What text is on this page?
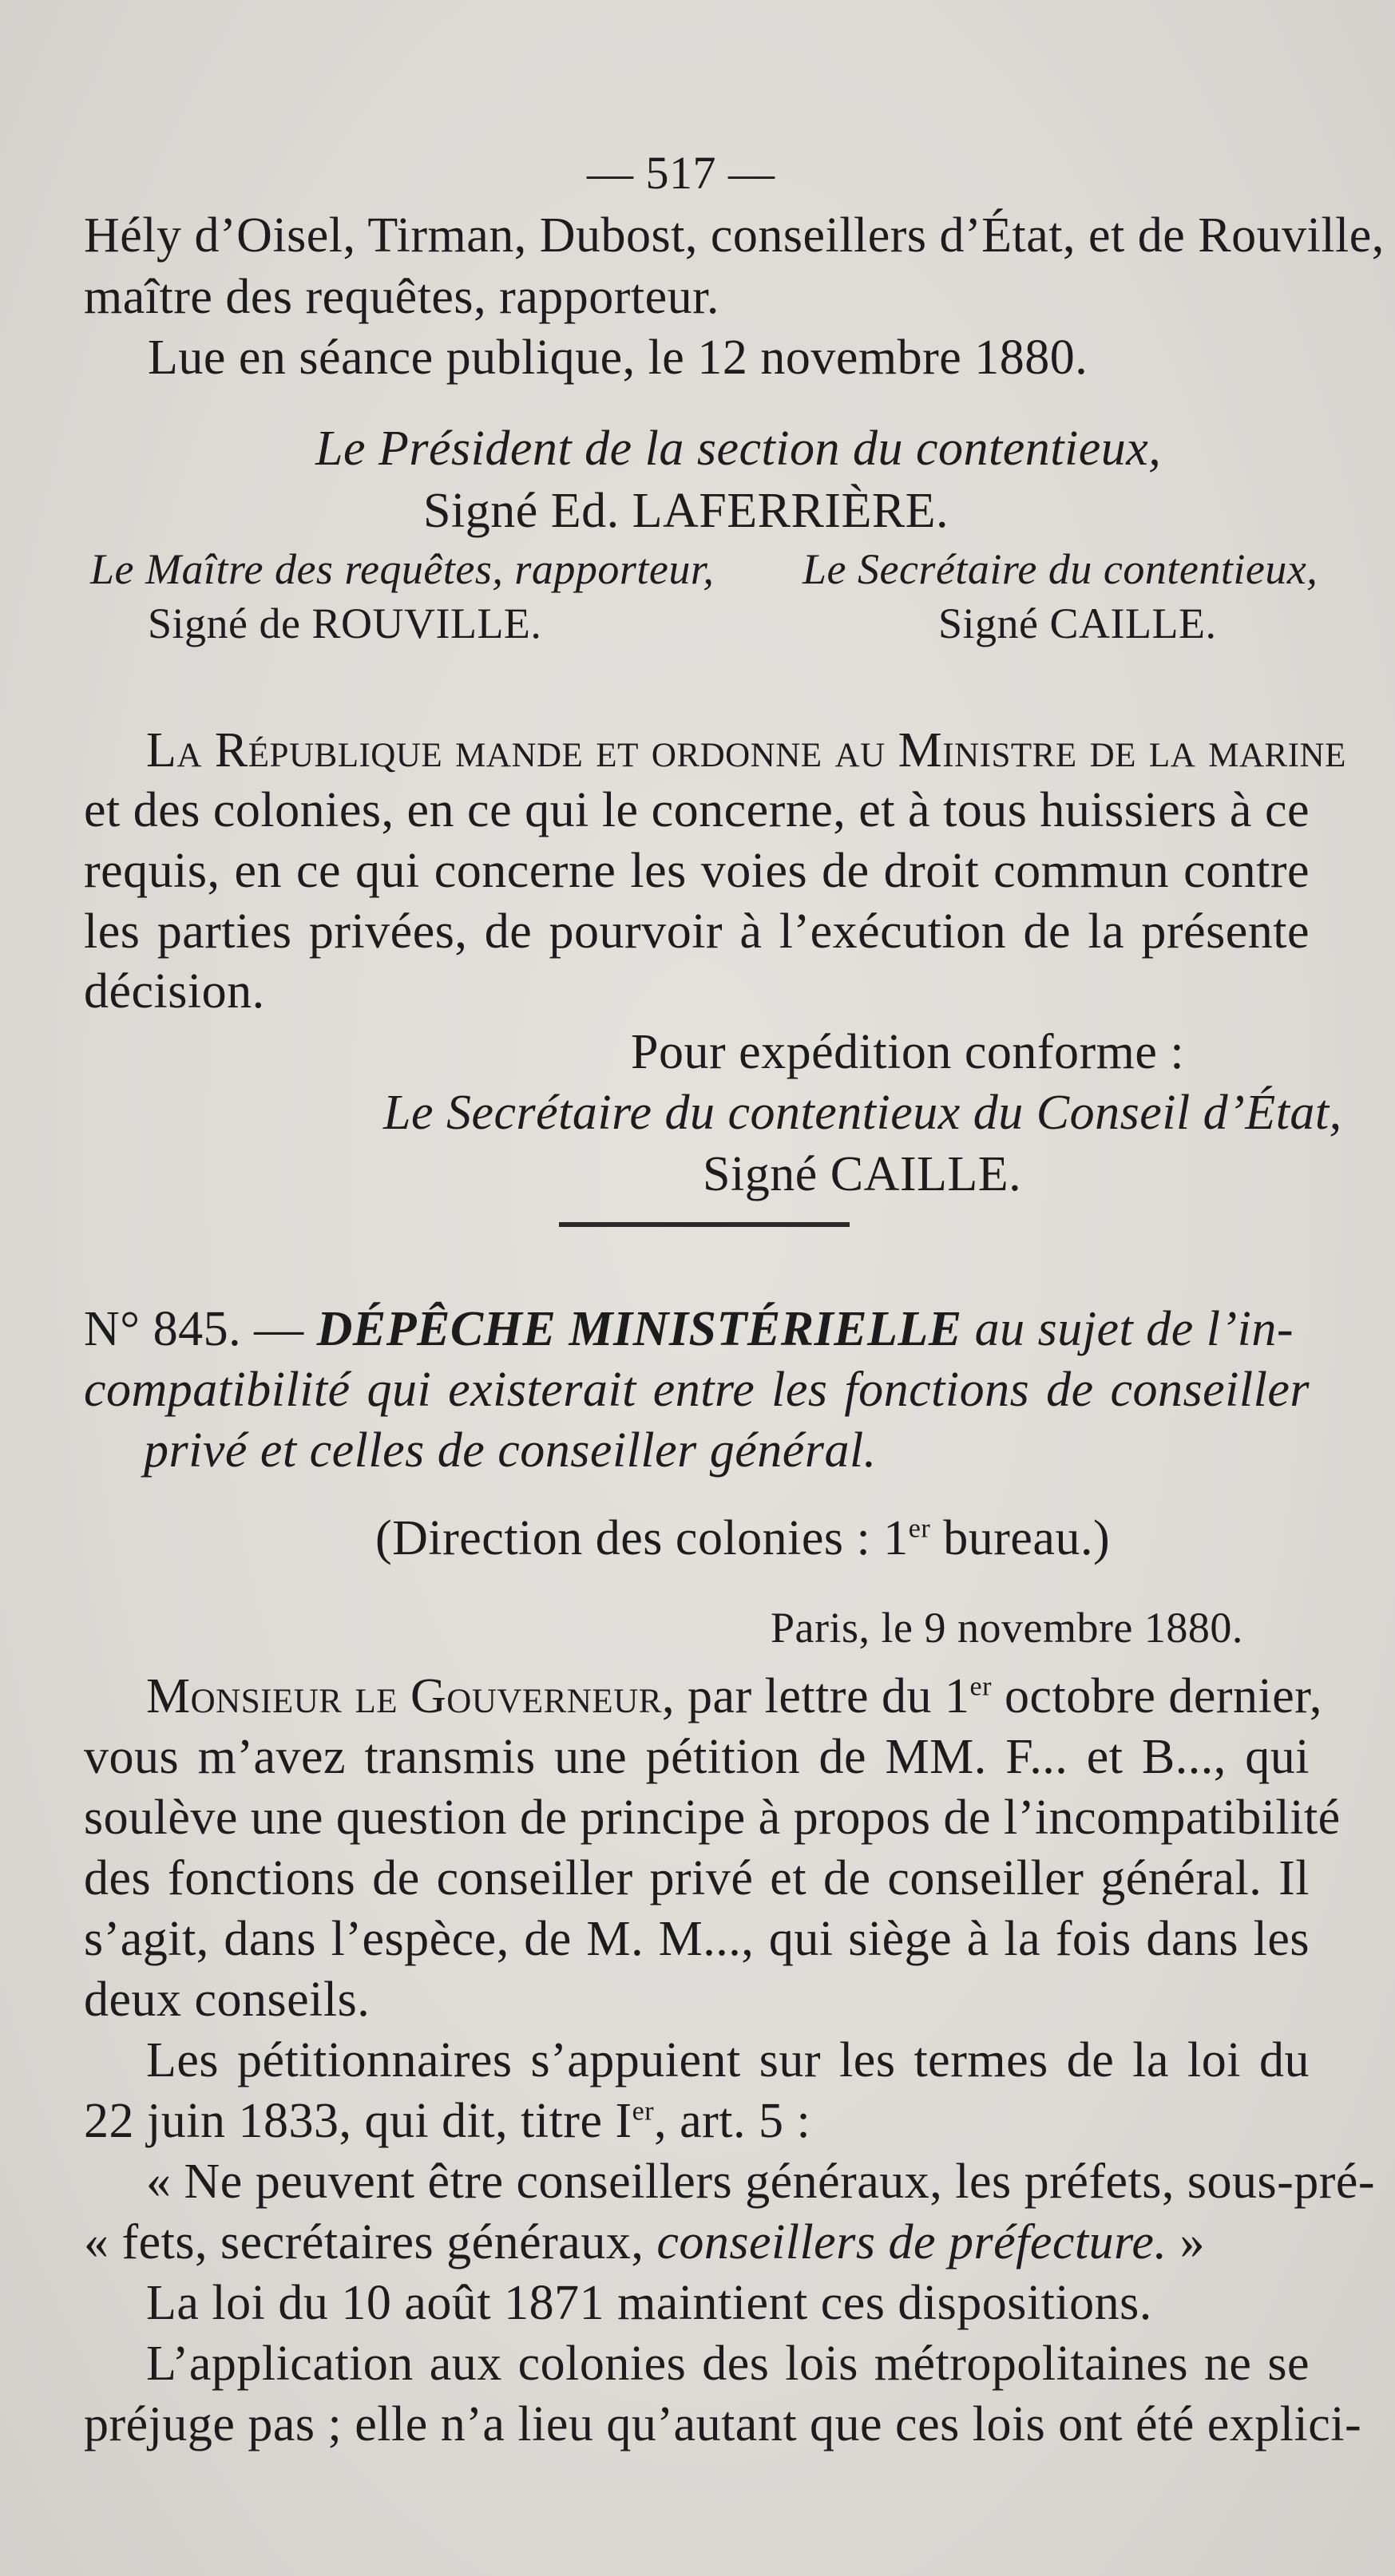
— 517 —
Hély d’Oisel, Tirman, Dubost, conseillers d’État, et de Rouville,
maître des requêtes, rapporteur.
Lue en séance publique, le 12 novembre 1880.
Le Président de la section du contentieux,
Signé Ed. LAFERRIÈRE.
Le Maître des requêtes, rapporteur, Le Secrétaire du contentieux,
Signé de ROUVILLE.	Signé CAILLE.
La République mande et ordonne au Ministre de la marine
et des colonies, en ce qui le concerne, et à tous huissiers à ce
requis, en ce qui concerne les voies de droit commun contre
les parties privées, de pourvoir à l’exécution de la présente
décision.
Pour expédition conforme :
Le Secrétaire du contentieux du Conseil d’État,
Signé CAILLE.
N° 845. — DÉPÊCHE MINISTÉRIELLE au sujet de l’in-
compatibilité qui existerait entre les fonctions de conseiller
privé et celles de conseiller général.
(Direction des colonies : 1er bureau.)
Paris, le 9 novembre 1880.
Monsieur le Gouverneur , par lettre du 1er octobre dernier,
vous m’avez transmis une pétition de MM. F... et B..., qui
soulève une question de principe à propos de l’incompatibilité
des fonctions de conseiller privé et de conseiller général. Il
s’agit, dans l’espèce, de M. M..., qui siège à la fois dans les
deux conseils.
Les pétitionnaires s’appuient sur les termes de la loi du
22 juin 1833, qui dit, titre Ier, art. 5 :
« Ne peuvent être conseillers généraux, les préfets, sous-pré-
« fets, secrétaires généraux, conseillers de préfecture. »
La loi du 10 août 1871 maintient ces dispositions.
L’application aux colonies des lois métropolitaines ne se
préjuge pas ; elle n’a lieu qu’autant que ces lois ont été explici-
